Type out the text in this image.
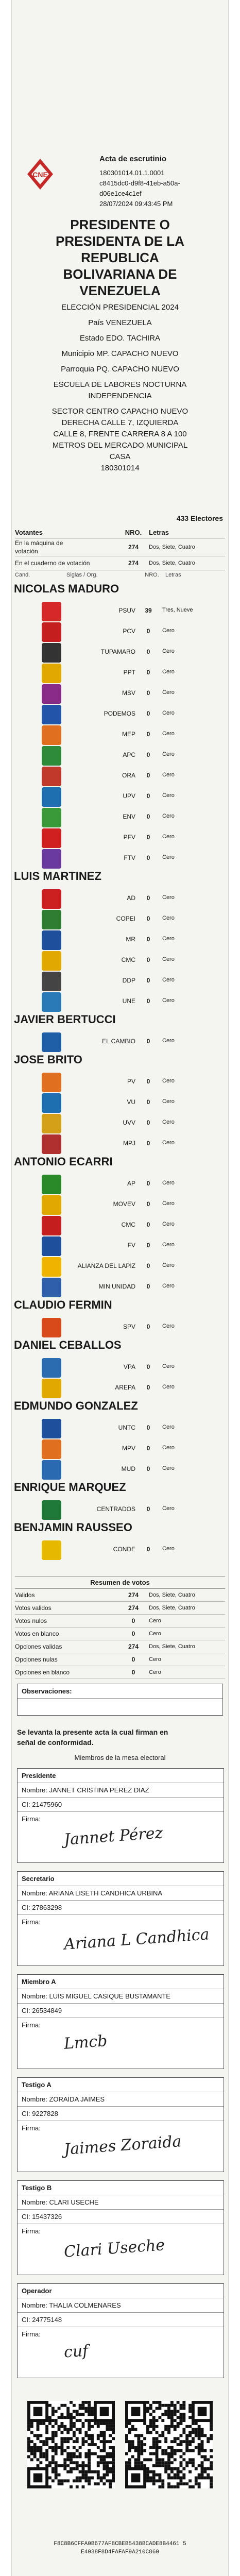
CNE
Acta de escrutinio
180301014.01.1.0001
c8415dc0-d9f8-41eb-a50a-
d06e1ce4c1ef
28/07/2024 09:43:45 PM
PRESIDENTE O
PRESIDENTA DE LA
REPUBLICA
BOLIVARIANA DE
VENEZUELA
ELECCIÓN PRESIDENCIAL 2024
País VENEZUELA
Estado EDO. TACHIRA
Municipio MP. CAPACHO NUEVO
Parroquia PQ. CAPACHO NUEVO
ESCUELA DE LABORES NOCTURNA
INDEPENDENCIA
SECTOR CENTRO CAPACHO NUEVO
DERECHA CALLE 7, IZQUIERDA
CALLE 8, FRENTE CARRERA 8 A 100
METROS DEL MERCADO MUNICIPAL
CASA
180301014
433 Electores
Votantes	NRO.	Letras
En la máquina de
votación
274	Dos, Siete, Cuatro
En el cuaderno de votación	274	Dos, Siete, Cuatro
Cand.	Siglas / Org.	NRO.	Letras
NICOLAS MADURO
PSUV	39	Tres, Nueve
PCV	0	Cero
TUPAMARO	0	Cero
PPT	0	Cero
MSV	0	Cero
PODEMOS	0	Cero
MEP	0	Cero
APC	0	Cero
ORA	0	Cero
UPV	0	Cero
ENV	0	Cero
PFV	0	Cero
FTV	0	Cero
LUIS MARTINEZ
AD	0	Cero
COPEI	0	Cero
MR	0	Cero
CMC	0	Cero
DDP	0	Cero
UNE	0	Cero
JAVIER BERTUCCI
EL CAMBIO	0	Cero
JOSE BRITO
PV	0	Cero
VU	0	Cero
UVV	0	Cero
MPJ	0	Cero
ANTONIO ECARRI
AP	0	Cero
MOVEV	0	Cero
CMC	0	Cero
FV	0	Cero
ALIANZA DEL LAPIZ	0	Cero
MIN UNIDAD	0	Cero
CLAUDIO FERMIN
SPV	0	Cero
DANIEL CEBALLOS
VPA	0	Cero
AREPA	0	Cero
EDMUNDO GONZALEZ
UNTC	0	Cero
MPV	0	Cero
MUD	0	Cero
ENRIQUE MARQUEZ
CENTRADOS	0	Cero
BENJAMIN RAUSSEO
CONDE	0	Cero
Resumen de votos
Validos	274	Dos, Siete, Cuatro
Votos validos	274	Dos, Siete, Cuatro
Votos nulos	0	Cero
Votos en blanco	0	Cero
Opciones validas	274	Dos, Siete, Cuatro
Opciones nulas	0	Cero
Opciones en blanco	0	Cero
Observaciones:
Se levanta la presente acta la cual firman en
señal de conformidad.
Miembros de la mesa electoral
Presidente
Nombre: JANNET CRISTINA PEREZ DIAZ
CI: 21475960
Firma:
Jannet Pérez
Secretario
Nombre: ARIANA LISETH CANDHICA URBINA
CI: 27863298
Firma:
Ariana L Candhica
Miembro A
Nombre: LUIS MIGUEL CASIQUE BUSTAMANTE
CI: 26534849
Firma:
Lmcb
Testigo A
Nombre: ZORAIDA JAIMES
CI: 9227828
Firma:
Jaimes Zoraida
Testigo B
Nombre: CLARI USECHE
CI: 15437326
Firma:
Clari Useche
Operador
Nombre: THALIA COLMENARES
CI: 24775148
Firma:
cuf
F8C8B6CFFA0B677AF8CBEB5438BCADE8B4461 5
E4038F8D4FAFAF9A210C860
